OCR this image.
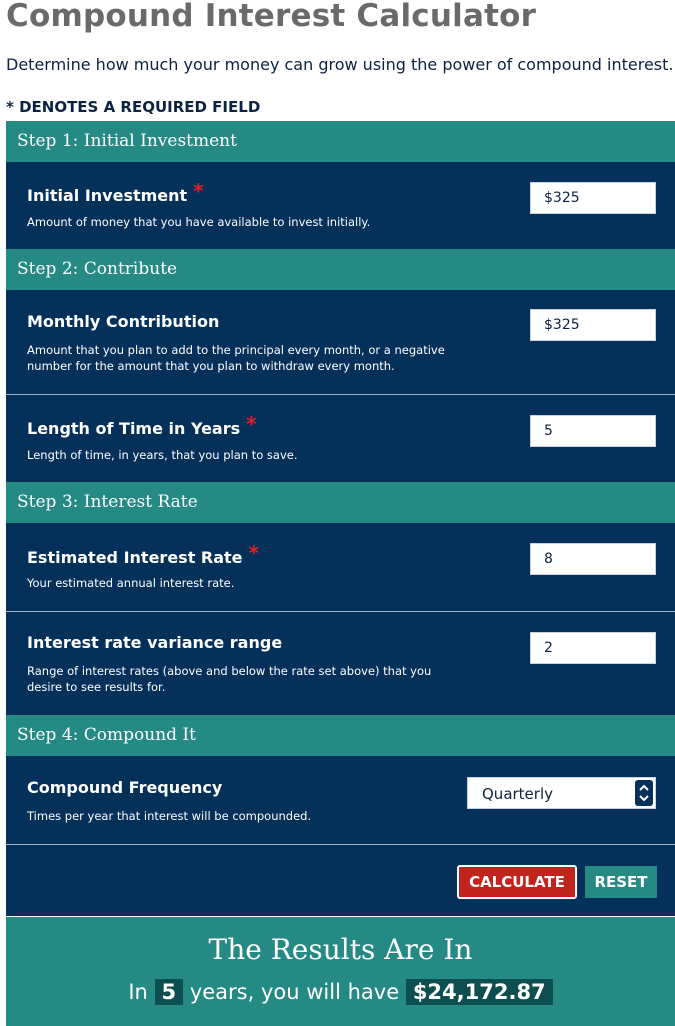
Compound Interest Calculator

Determine how much your money can grow using the power of compound interest.

* DENOTES A REQUIRED FIELD

Step 1: Initial Investment
Initial Investment *
Amount of money that you have available to invest initially.
$325
Step 2: Contribute
Monthly Contribution
Amount that you plan to add to the principal every month, or a negative number for the amount that you plan to withdraw every month.
$325
Length of Time in Years *
Length of time, in years, that you plan to save.
5
Step 3: Interest Rate
Estimated Interest Rate *
Your estimated annual interest rate.
8
Interest rate variance range
Range of interest rates (above and below the rate set above) that you desire to see results for.
2
Step 4: Compound It
Compound Frequency
Times per year that interest will be compounded.
Quarterly
CALCULATE	RESET
The Results Are In
In 5 years, you will have $24,172.87
